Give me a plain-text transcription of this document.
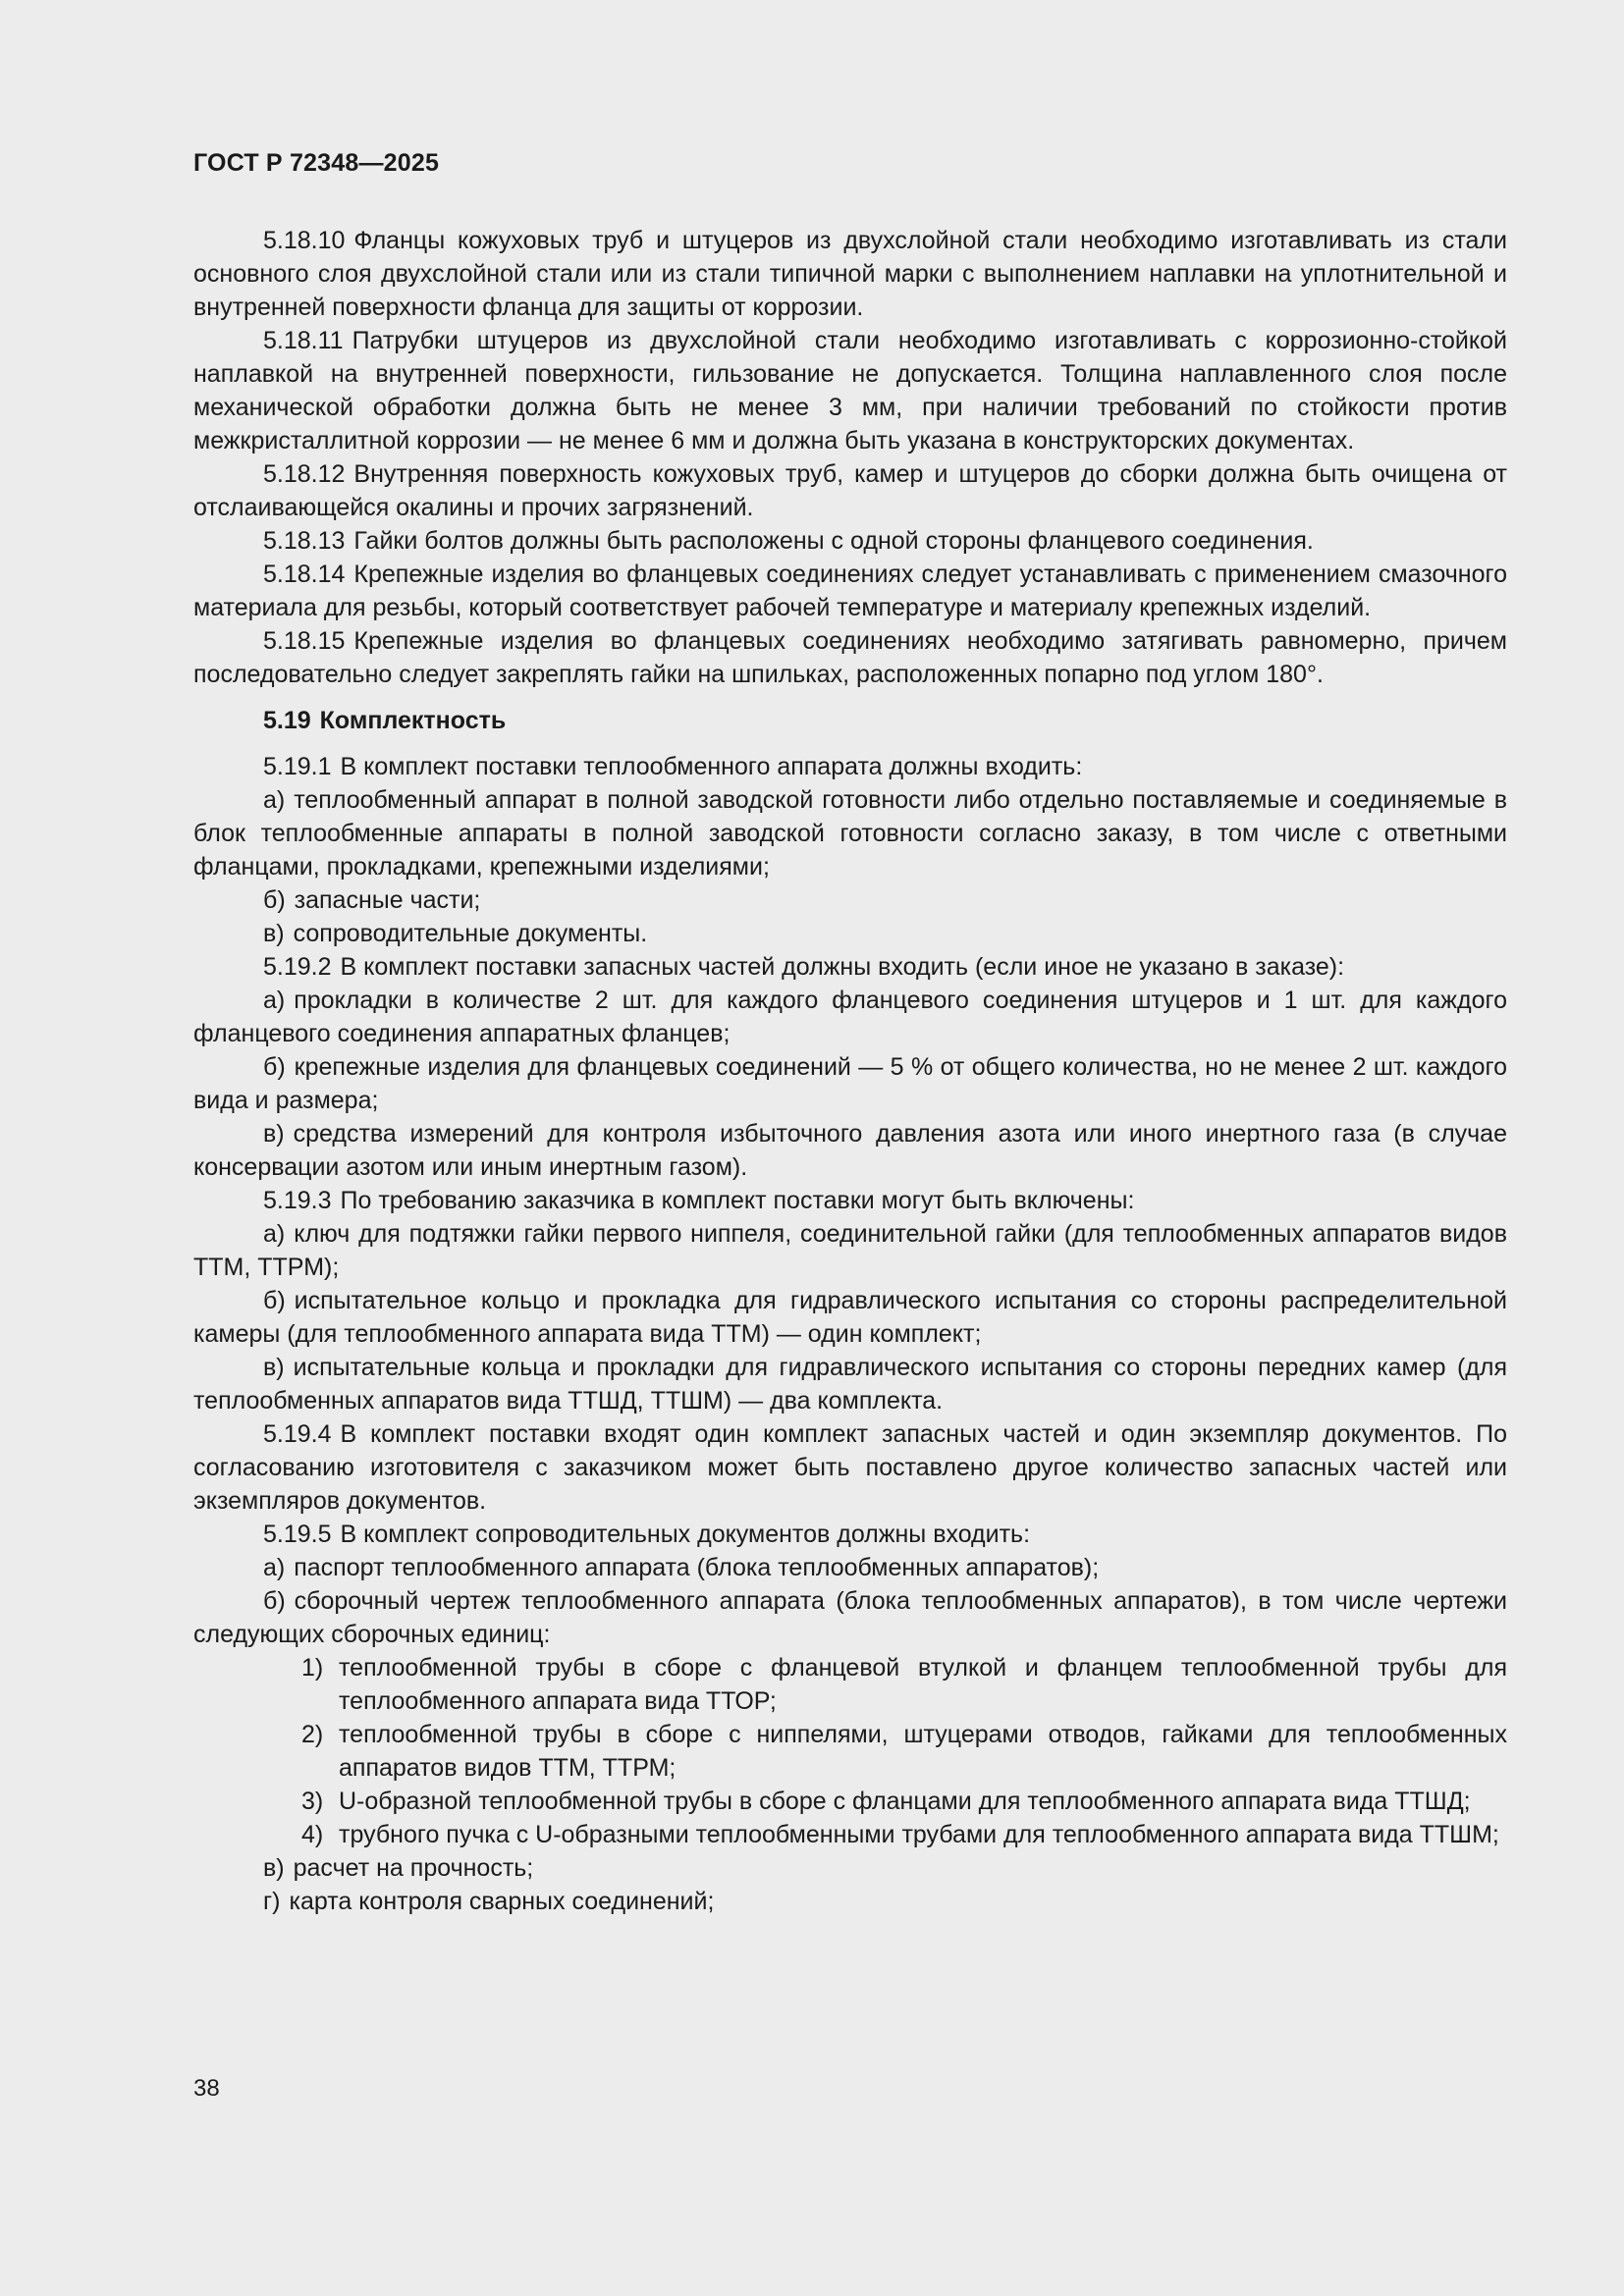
ГОСТ Р 72348—2025

5.18.10 Фланцы кожуховых труб и штуцеров из двухслойной стали необходимо изготавливать из стали основного слоя двухслойной стали или из стали типичной марки с выполнением наплавки на уплотнительной и внутренней поверхности фланца для защиты от коррозии.

5.18.11 Патрубки штуцеров из двухслойной стали необходимо изготавливать с коррозионно-стойкой наплавкой на внутренней поверхности, гильзование не допускается. Толщина наплавленного слоя после механической обработки должна быть не менее 3 мм, при наличии требований по стойкости против межкристаллитной коррозии — не менее 6 мм и должна быть указана в конструкторских документах.

5.18.12 Внутренняя поверхность кожуховых труб, камер и штуцеров до сборки должна быть очищена от отслаивающейся окалины и прочих загрязнений.

5.18.13 Гайки болтов должны быть расположены с одной стороны фланцевого соединения.

5.18.14 Крепежные изделия во фланцевых соединениях следует устанавливать с применением смазочного материала для резьбы, который соответствует рабочей температуре и материалу крепежных изделий.

5.18.15 Крепежные изделия во фланцевых соединениях необходимо затягивать равномерно, причем последовательно следует закреплять гайки на шпильках, расположенных попарно под углом 180°.

5.19 Комплектность

5.19.1 В комплект поставки теплообменного аппарата должны входить:

а) теплообменный аппарат в полной заводской готовности либо отдельно поставляемые и соединяемые в блок теплообменные аппараты в полной заводской готовности согласно заказу, в том числе с ответными фланцами, прокладками, крепежными изделиями;

б) запасные части;

в) сопроводительные документы.

5.19.2 В комплект поставки запасных частей должны входить (если иное не указано в заказе):

а) прокладки в количестве 2 шт. для каждого фланцевого соединения штуцеров и 1 шт. для каждого фланцевого соединения аппаратных фланцев;

б) крепежные изделия для фланцевых соединений — 5 % от общего количества, но не менее 2 шт. каждого вида и размера;

в) средства измерений для контроля избыточного давления азота или иного инертного газа (в случае консервации азотом или иным инертным газом).

5.19.3 По требованию заказчика в комплект поставки могут быть включены:

а) ключ для подтяжки гайки первого ниппеля, соединительной гайки (для теплообменных аппаратов видов ТТМ, ТТРМ);

б) испытательное кольцо и прокладка для гидравлического испытания со стороны распределительной камеры (для теплообменного аппарата вида ТТМ) — один комплект;

в) испытательные кольца и прокладки для гидравлического испытания со стороны передних камер (для теплообменных аппаратов вида ТТШД, ТТШМ) — два комплекта.

5.19.4 В комплект поставки входят один комплект запасных частей и один экземпляр документов. По согласованию изготовителя с заказчиком может быть поставлено другое количество запасных частей или экземпляров документов.

5.19.5 В комплект сопроводительных документов должны входить:

а) паспорт теплообменного аппарата (блока теплообменных аппаратов);

б) сборочный чертеж теплообменного аппарата (блока теплообменных аппаратов), в том числе чертежи следующих сборочных единиц:

1) теплообменной трубы в сборе с фланцевой втулкой и фланцем теплообменной трубы для теплообменного аппарата вида ТТОР;
2) теплообменной трубы в сборе с ниппелями, штуцерами отводов, гайками для теплообменных аппаратов видов ТТМ, ТТРМ;
3) U-образной теплообменной трубы в сборе с фланцами для теплообменного аппарата вида ТТШД;
4) трубного пучка с U-образными теплообменными трубами для теплообменного аппарата вида ТТШМ;

в) расчет на прочность;

г) карта контроля сварных соединений;

38
